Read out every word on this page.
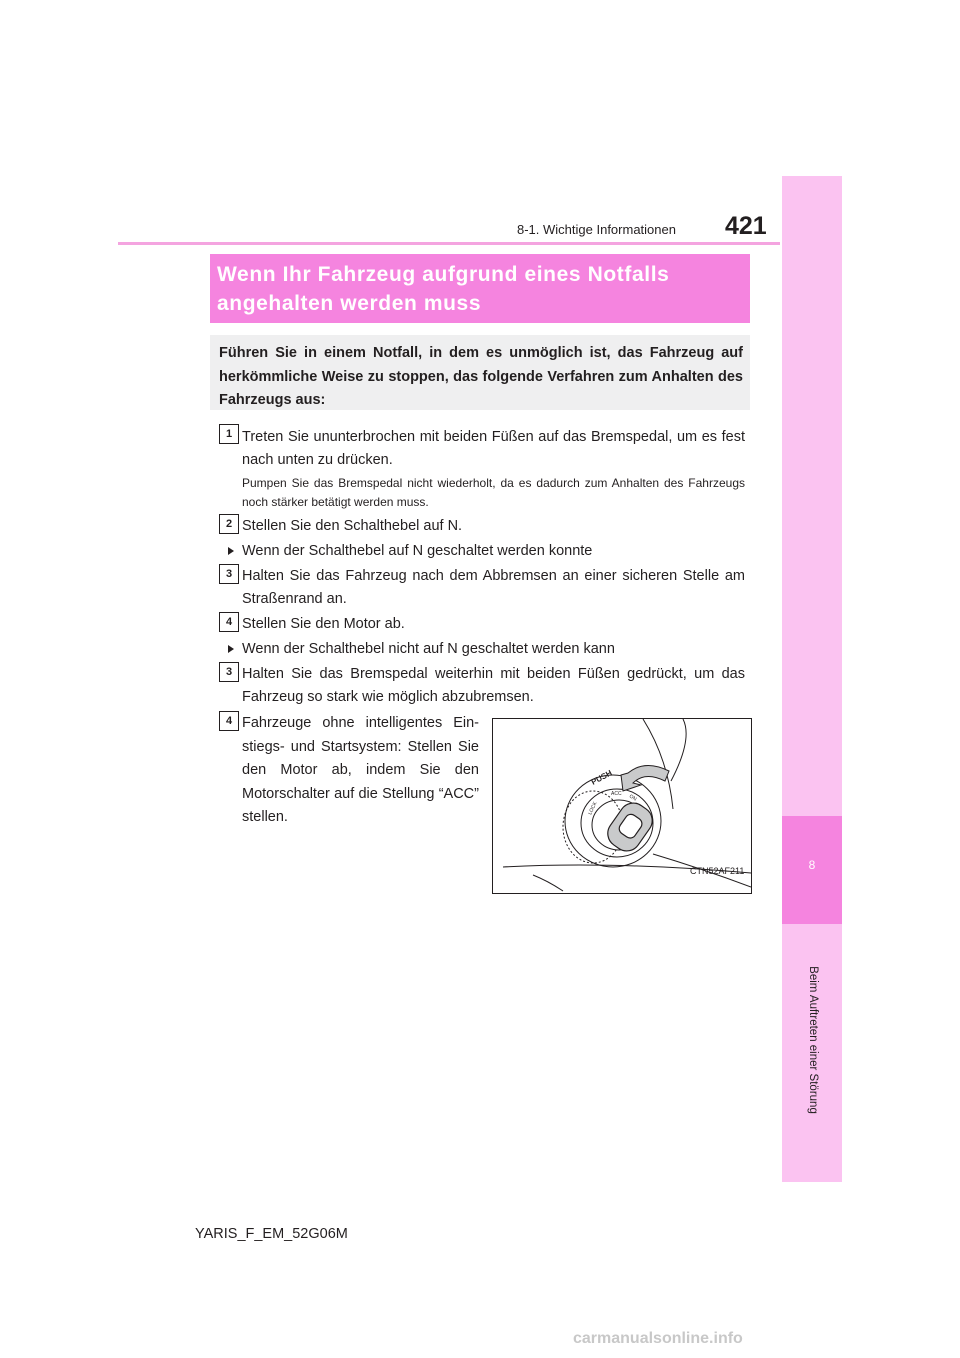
421
8-1. Wichtige Informationen
8
Beim Auftreten einer Störung
Wenn Ihr Fahrzeug aufgrund eines Notfalls angehalten werden muss
Führen Sie in einem Notfall, in dem es unmöglich ist, das Fahrzeug auf herkömmliche Weise zu stoppen, das folgende Verfahren zum Anhalten des Fahrzeugs aus:
1 Treten Sie ununterbrochen mit beiden Füßen auf das Bremspedal, um es fest nach unten zu drücken.
Pumpen Sie das Bremspedal nicht wiederholt, da es dadurch zum Anhalten des Fahrzeugs noch stärker betätigt werden muss.
2 Stellen Sie den Schalthebel auf N.
Wenn der Schalthebel auf N geschaltet werden konnte
3 Halten Sie das Fahrzeug nach dem Abbremsen an einer sicheren Stelle am Straßenrand an.
4 Stellen Sie den Motor ab.
Wenn der Schalthebel nicht auf N geschaltet werden kann
3 Halten Sie das Bremspedal weiterhin mit beiden Füßen gedrückt, um das Fahrzeug so stark wie möglich abzubremsen.
4 Fahrzeuge ohne intelligentes Ein-stiegs- und Startsystem: Stellen Sie den Motor ab, indem Sie den Motorschalter auf die Stellung “ACC” stellen.
PUSH
LOCK
ACC ON
CTN52AF211
YARIS_F_EM_52G06M
carmanualsonline.info
